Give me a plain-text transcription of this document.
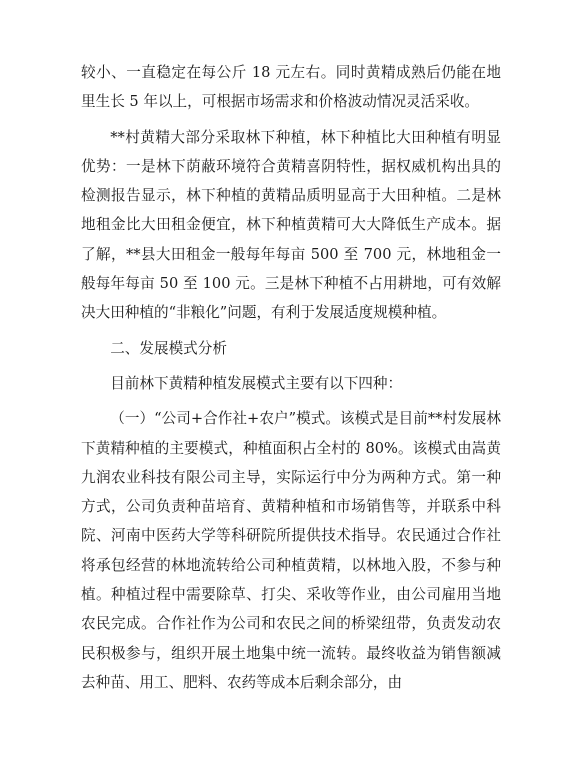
较小、一直稳定在每公斤 18 元左右。同时黄精成熟后仍能在地里生长 5 年以上，可根据市场需求和价格波动情况灵活采收。

**村黄精大部分采取林下种植，林下种植比大田种植有明显优势：一是林下荫蔽环境符合黄精喜阴特性，据权威机构出具的检测报告显示，林下种植的黄精品质明显高于大田种植。二是林地租金比大田租金便宜，林下种植黄精可大大降低生产成本。据了解，**县大田租金一般每年每亩 500 至 700 元，林地租金一般每年每亩 50 至 100 元。三是林下种植不占用耕地，可有效解决大田种植的“非粮化”问题，有利于发展适度规模种植。

二、发展模式分析

目前林下黄精种植发展模式主要有以下四种：

（一）“公司+合作社+农户”模式。该模式是目前**村发展林下黄精种植的主要模式，种植面积占全村的 80%。该模式由嵩黄九润农业科技有限公司主导，实际运行中分为两种方式。第一种方式，公司负责种苗培育、黄精种植和市场销售等，并联系中科院、河南中医药大学等科研院所提供技术指导。农民通过合作社将承包经营的林地流转给公司种植黄精，以林地入股，不参与种植。种植过程中需要除草、打尖、采收等作业，由公司雇用当地农民完成。合作社作为公司和农民之间的桥梁纽带，负责发动农民积极参与，组织开展土地集中统一流转。最终收益为销售额减去种苗、用工、肥料、农药等成本后剩余部分，由
